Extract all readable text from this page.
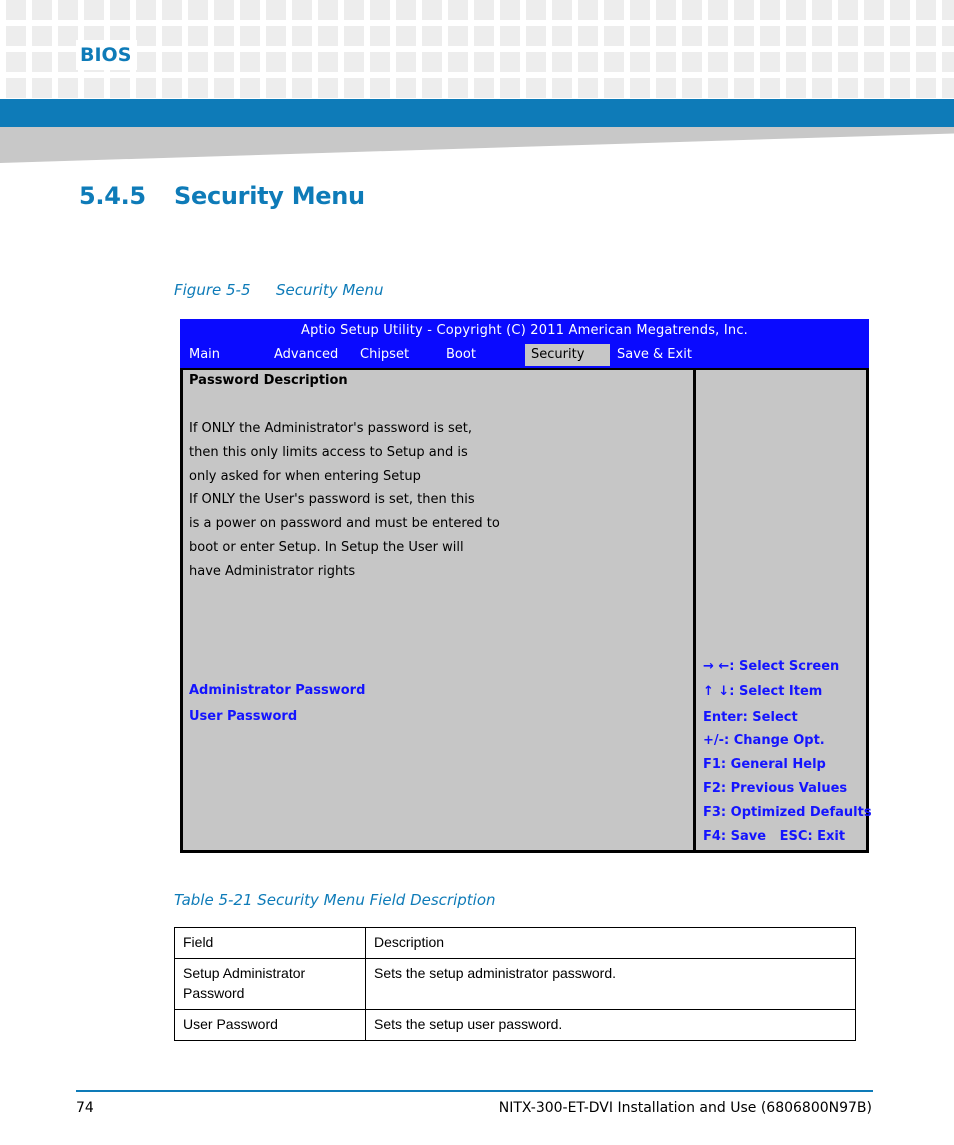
BIOS
5.4.5 Security Menu
Figure 5-5 Security Menu
Aptio Setup Utility - Copyright (C) 2011 American Megatrends, Inc.
Main	Advanced Chipset	Boot	Security	Save & Exit
Password Description
If ONLY the Administrator's password is set,
then this only limits access to Setup and is
only asked for when entering Setup
If ONLY the User's password is set, then this
is a power on password and must be entered to
boot or enter Setup. In Setup the User will
have Administrator rights
Administrator Password
User Password
→ ←: Select Screen
↑ ↓: Select Item
Enter: Select
+/-: Change Opt.
F1: General Help
F2: Previous Values
F3: Optimized Defaults
F4: Save   ESC: Exit
Table 5-21 Security Menu Field Description
Field	Description
Setup Administrator Password	Sets the setup administrator password.
User Password	Sets the setup user password.
74	NITX-300-ET-DVI Installation and Use (6806800N97B)
